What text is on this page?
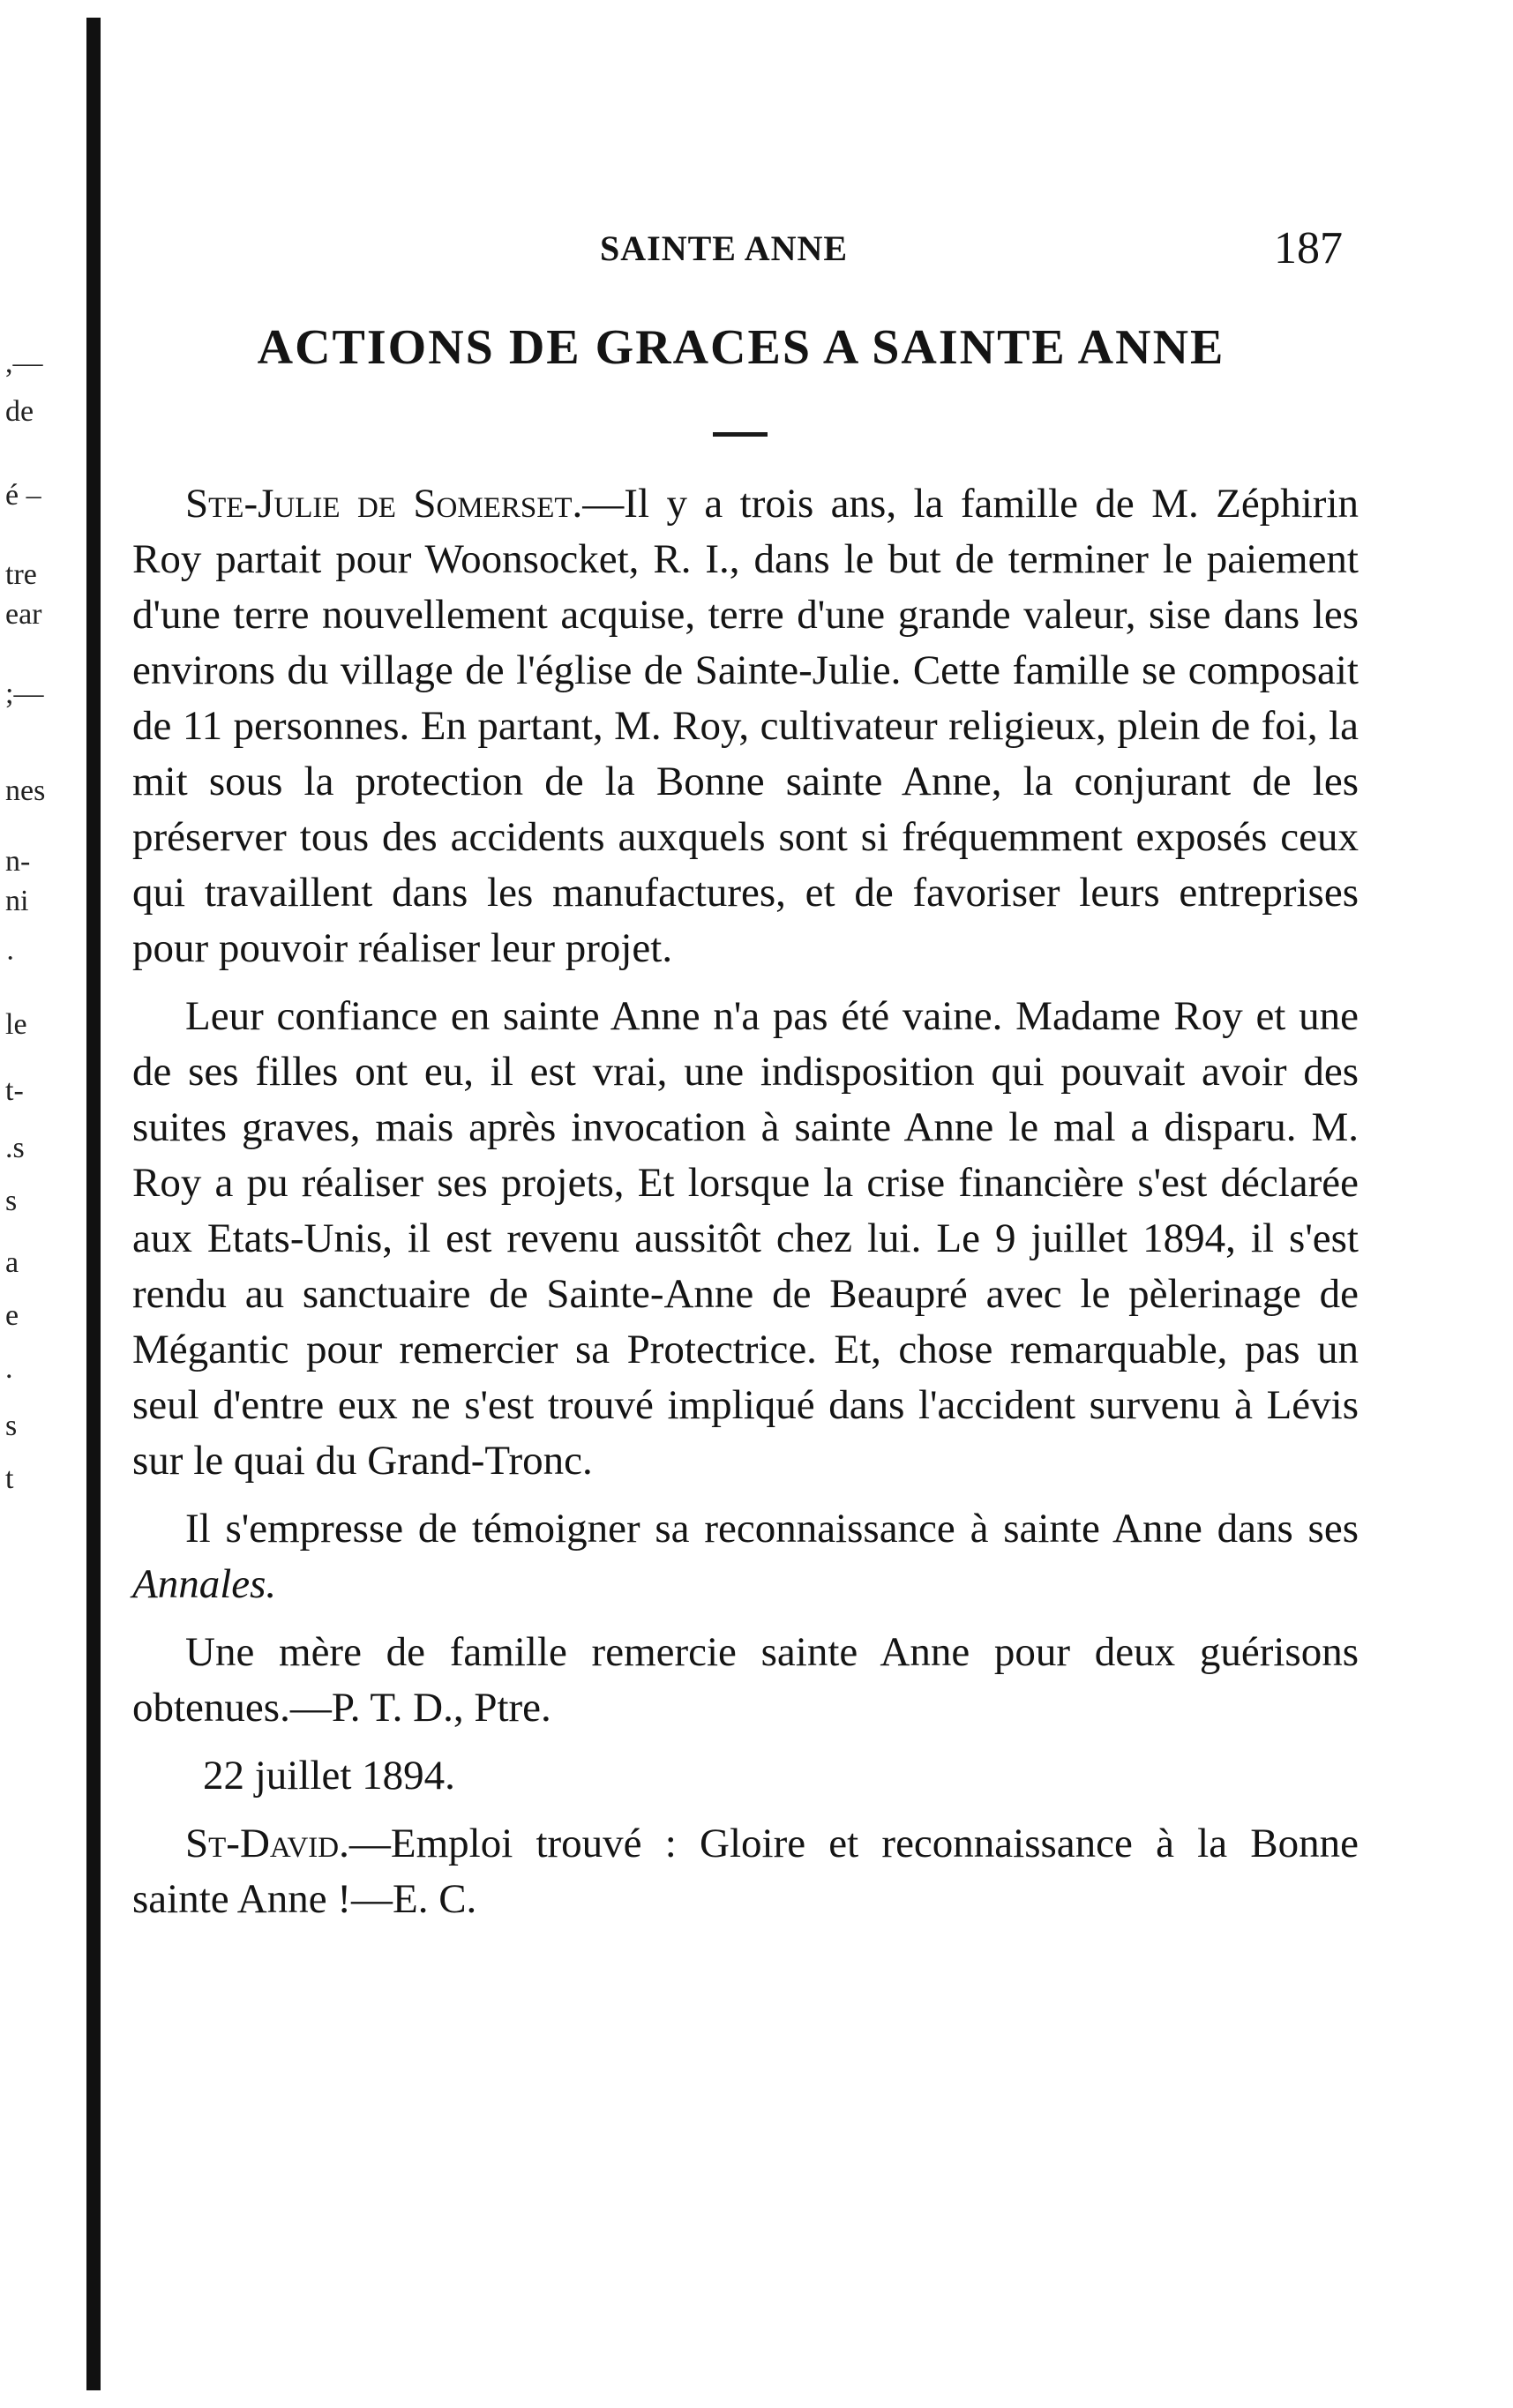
,—
de
é –
tre
ear
;—
nes
n-
ni
·
le
t-
.s
s
a
e
.
s
t
SAINTE ANNE	187
ACTIONS DE GRACES A SAINTE ANNE

Ste-Julie de Somerset.—Il y a trois ans, la famille de M. Zéphirin Roy partait pour Woonsocket, R. I., dans le but de terminer le paiement d'une terre nouvellement acquise, terre d'une grande valeur, sise dans les environs du village de l'église de Sainte-Julie. Cette famille se composait de 11 personnes. En partant, M. Roy, cultivateur religieux, plein de foi, la mit sous la protection de la Bonne sainte Anne, la conjurant de les préserver tous des accidents auxquels sont si fréquemment exposés ceux qui travaillent dans les manufactures, et de favoriser leurs entreprises pour pouvoir réaliser leur projet.

Leur confiance en sainte Anne n'a pas été vaine. Madame Roy et une de ses filles ont eu, il est vrai, une indisposition qui pouvait avoir des suites graves, mais après invocation à sainte Anne le mal a disparu. M. Roy a pu réaliser ses projets, Et lorsque la crise financière s'est déclarée aux Etats-Unis, il est revenu aussitôt chez lui. Le 9 juillet 1894, il s'est rendu au sanctuaire de Sainte-Anne de Beaupré avec le pèlerinage de Mégantic pour remercier sa Protectrice. Et, chose remarquable, pas un seul d'entre eux ne s'est trouvé impliqué dans l'accident survenu à Lévis sur le quai du Grand-Tronc.

Il s'empresse de témoigner sa reconnaissance à sainte Anne dans ses Annales.

Une mère de famille remercie sainte Anne pour deux guérisons obtenues.—P. T. D., Ptre.

22 juillet 1894.

St-David.—Emploi trouvé : Gloire et reconnaissance à la Bonne sainte Anne !—E. C.
